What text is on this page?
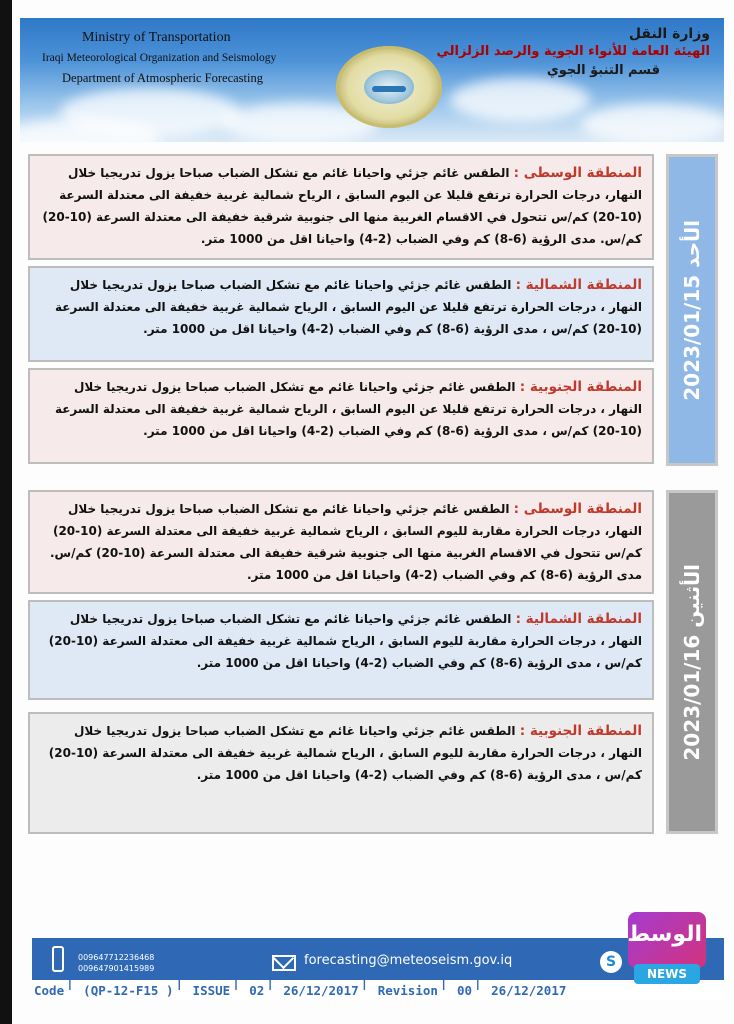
Ministry of Transportation
Iraqi Meteorological Organization and Seismology
Department of Atmospheric Forecasting
وزارة النقل
الهيئة العامة للأنواء الجوية والرصد الزلزالي
قسم التنبؤ الجوي
المنطقة الوسطى : الطقس غائم جزئي واحيانا غائم مع تشكل الضباب صباحا يزول تدريجيا خلال النهار، درجات الحرارة ترتفع قليلا عن اليوم السابق ، الرياح شمالية غربية خفيفة الى معتدلة السرعة (10-20) كم/س تتحول في الاقسام الغربية منها الى جنوبية شرقية خفيفة الى معتدلة السرعة (10-20) كم/س. مدى الرؤية (6-8) كم وفي الضباب (2-4) واحيانا اقل من 1000 متر.
المنطقة الشمالية : الطقس غائم جزئي واحيانا غائم مع تشكل الضباب صباحا يزول تدريجيا خلال النهار ، درجات الحرارة ترتفع قليلا عن اليوم السابق ، الرياح شمالية غربية خفيفة الى معتدلة السرعة (10-20) كم/س ، مدى الرؤية (6-8) كم وفي الضباب (2-4) واحيانا اقل من 1000 متر.
المنطقة الجنوبية : الطقس غائم جزئي واحيانا غائم مع تشكل الضباب صباحا يزول تدريجيا خلال النهار ، درجات الحرارة ترتفع قليلا عن اليوم السابق ، الرياح شمالية غربية خفيفة الى معتدلة السرعة (10-20) كم/س ، مدى الرؤية (6-8) كم وفي الضباب (2-4) واحيانا اقل من 1000 متر.
الأحد 2023/01/15
المنطقة الوسطى : الطقس غائم جزئي واحيانا غائم مع تشكل الضباب صباحا يزول تدريجيا خلال النهار، درجات الحرارة مقاربة لليوم السابق ، الرياح شمالية غربية خفيفة الى معتدلة السرعة (10-20) كم/س تتحول في الاقسام الغربية منها الى جنوبية شرقية خفيفة الى معتدلة السرعة (10-20) كم/س. مدى الرؤية (6-8) كم وفي الضباب (2-4) واحيانا اقل من 1000 متر.
المنطقة الشمالية : الطقس غائم جزئي واحيانا غائم مع تشكل الضباب صباحا يزول تدريجيا خلال النهار ، درجات الحرارة مقاربة لليوم السابق ، الرياح شمالية غربية خفيفة الى معتدلة السرعة (10-20) كم/س ، مدى الرؤية (6-8) كم وفي الضباب (2-4) واحيانا اقل من 1000 متر.
المنطقة الجنوبية : الطقس غائم جزئي واحيانا غائم مع تشكل الضباب صباحا يزول تدريجيا خلال النهار ، درجات الحرارة مقاربة لليوم السابق ، الرياح شمالية غربية خفيفة الى معتدلة السرعة (10-20) كم/س ، مدى الرؤية (6-8) كم وفي الضباب (2-4) واحيانا اقل من 1000 متر.
الأثنين 2023/01/16
009647712236468
009647901415989
forecasting@meteoseism.gov.iq	S
Code |
(QP-12-F15 ) |
ISSUE |
02 |
26/12/2017 |
Revision |
00 |
26/12/2017
الوسط
NEWS
